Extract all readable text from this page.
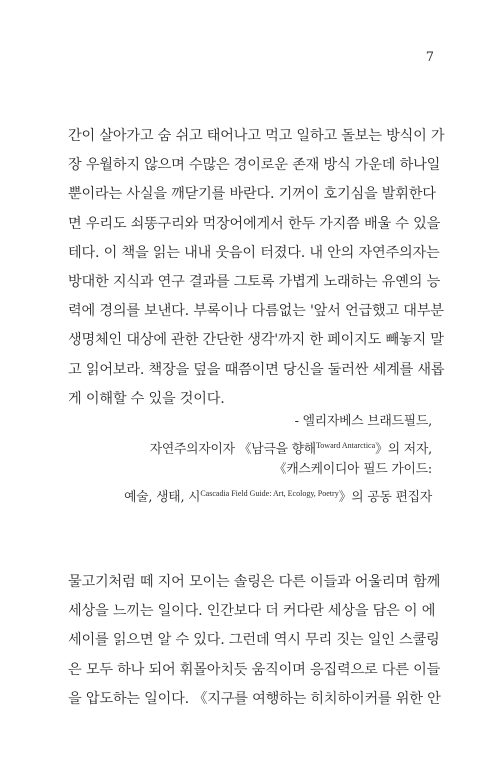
7
간이 살아가고 숨 쉬고 태어나고 먹고 일하고 돌보는 방식이 가
장 우월하지 않으며 수많은 경이로운 존재 방식 가운데 하나일
뿐이라는 사실을 깨닫기를 바란다. 기꺼이 호기심을 발휘한다
면 우리도 쇠똥구리와 먹장어에게서 한두 가지쯤 배울 수 있을
테다. 이 책을 읽는 내내 웃음이 터졌다. 내 안의 자연주의자는
방대한 지식과 연구 결과를 그토록 가볍게 노래하는 유옌의 능
력에 경의를 보낸다. 부록이나 다름없는 '앞서 언급했고 대부분
생명체인 대상에 관한 간단한 생각'까지 한 페이지도 빼놓지 말
고 읽어보라. 책장을 덮을 때쯤이면 당신을 둘러싼 세계를 새롭
게 이해할 수 있을 것이다.
- 엘리자베스 브래드필드,
자연주의자이자 《남극을 향해$^{Toward Antarctica}$》의 저자,
《캐스케이디아 필드 가이드:
예술, 생태, 시$^{Cascadia Field Guide: Art, Ecology, Poetry}$》의 공동 편집자
물고기처럼 떼 지어 모이는 솔링은 다른 이들과 어울리며 함께
세상을 느끼는 일이다. 인간보다 더 커다란 세상을 담은 이 에
세이를 읽으면 알 수 있다. 그런데 역시 무리 짓는 일인 스쿨링
은 모두 하나 되어 휘몰아치듯 움직이며 응집력으로 다른 이들
을 압도하는 일이다. 《지구를 여행하는 히치하이커를 위한 안
